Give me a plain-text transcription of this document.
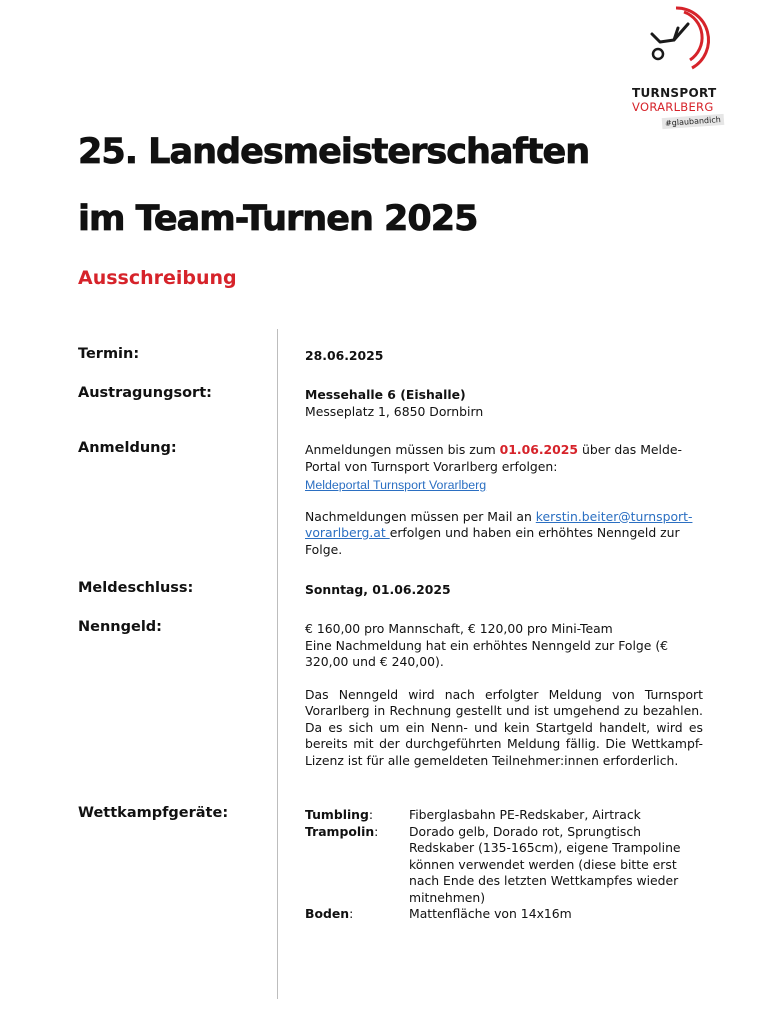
TURNSPORT
VORARLBERG
#glaubandich
25. Landesmeisterschaften
im Team-Turnen 2025
Ausschreibung
Termin:	28.06.2025
Austragungsort:	Messehalle 6 (Eishalle)

Messeplatz 1, 6850 Dornbirn

Anmeldung:	Anmeldungen müssen bis zum 01.06.2025 über das Melde-Portal von Turnsport Vorarlberg erfolgen:

Meldeportal Turnsport Vorarlberg

Nachmeldungen müssen per Mail an kerstin.beiter@turnsport-vorarlberg.at erfolgen und haben ein erhöhtes Nenngeld zur Folge.

Meldeschluss:	Sonntag, 01.06.2025
Nenngeld:	€ 160,00 pro Mannschaft, € 120,00 pro Mini-Team

Eine Nachmeldung hat ein erhöhtes Nenngeld zur Folge (€ 320,00 und € 240,00).

Das Nenngeld wird nach erfolgter Meldung von Turnsport Vorarlberg in Rechnung gestellt und ist umgehend zu bezahlen. Da es sich um ein Nenn- und kein Startgeld handelt, wird es bereits mit der durchgeführten Meldung fällig. Die Wettkampf-Lizenz ist für alle gemeldeten Teilnehmer:innen erforderlich.

Wettkampfgeräte:	Tumbling:	Fiberglasbahn PE-Redskaber, Airtrack
Trampolin:	Dorado gelb, Dorado rot, Sprungtisch Redskaber (135-165cm), eigene Trampoline können verwendet werden (diese bitte erst nach Ende des letzten Wettkampfes wieder mitnehmen)
Boden:	Mattenfläche von 14x16m
